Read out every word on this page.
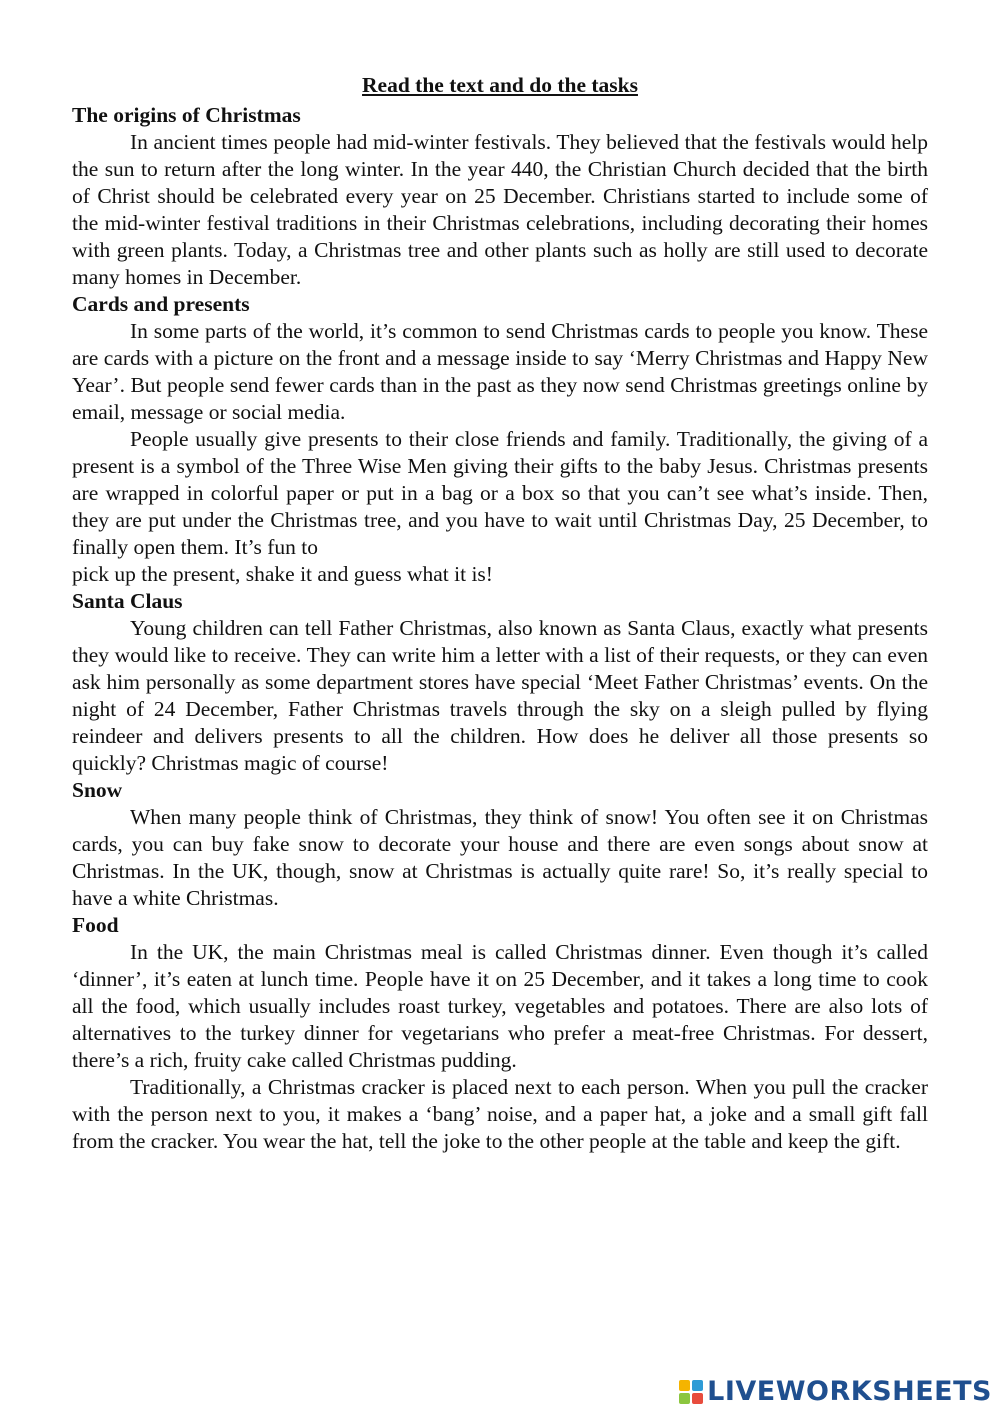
Read the text and do the tasks

The origins of Christmas

In ancient times people had mid-winter festivals. They believed that the festivals would help the sun to return after the long winter. In the year 440, the Christian Church decided that the birth of Christ should be celebrated every year on 25 December. Christians started to include some of the mid-winter festival traditions in their Christmas celebrations, including decorating their homes with green plants. Today, a Christmas tree and other plants such as holly are still used to decorate many homes in December.

Cards and presents

In some parts of the world, it’s common to send Christmas cards to people you know. These are cards with a picture on the front and a message inside to say ‘Merry Christmas and Happy New Year’. But people send fewer cards than in the past as they now send Christmas greetings online by email, message or social media.

People usually give presents to their close friends and family. Traditionally, the giving of a present is a symbol of the Three Wise Men giving their gifts to the baby Jesus. Christmas presents are wrapped in colorful paper or put in a bag or a box so that you can’t see what’s inside. Then, they are put under the Christmas tree, and you have to wait until Christmas Day, 25 December, to finally open them. It’s fun to

pick up the present, shake it and guess what it is!

Santa Claus

Young children can tell Father Christmas, also known as Santa Claus, exactly what presents they would like to receive. They can write him a letter with a list of their requests, or they can even ask him personally as some department stores have special ‘Meet Father Christmas’ events. On the night of 24 December, Father Christmas travels through the sky on a sleigh pulled by flying reindeer and delivers presents to all the children. How does he deliver all those presents so quickly? Christmas magic of course!

Snow

When many people think of Christmas, they think of snow! You often see it on Christmas cards, you can buy fake snow to decorate your house and there are even songs about snow at Christmas. In the UK, though, snow at Christmas is actually quite rare! So, it’s really special to have a white Christmas.

Food

In the UK, the main Christmas meal is called Christmas dinner. Even though it’s called ‘dinner’, it’s eaten at lunch time. People have it on 25 December, and it takes a long time to cook all the food, which usually includes roast turkey, vegetables and potatoes. There are also lots of alternatives to the turkey dinner for vegetarians who prefer a meat-free Christmas. For dessert, there’s a rich, fruity cake called Christmas pudding.

Traditionally, a Christmas cracker is placed next to each person. When you pull the cracker with the person next to you, it makes a ‘bang’ noise, and a paper hat, a joke and a small gift fall from the cracker. You wear the hat, tell the joke to the other people at the table and keep the gift.

LIVEWORKSHEETS
